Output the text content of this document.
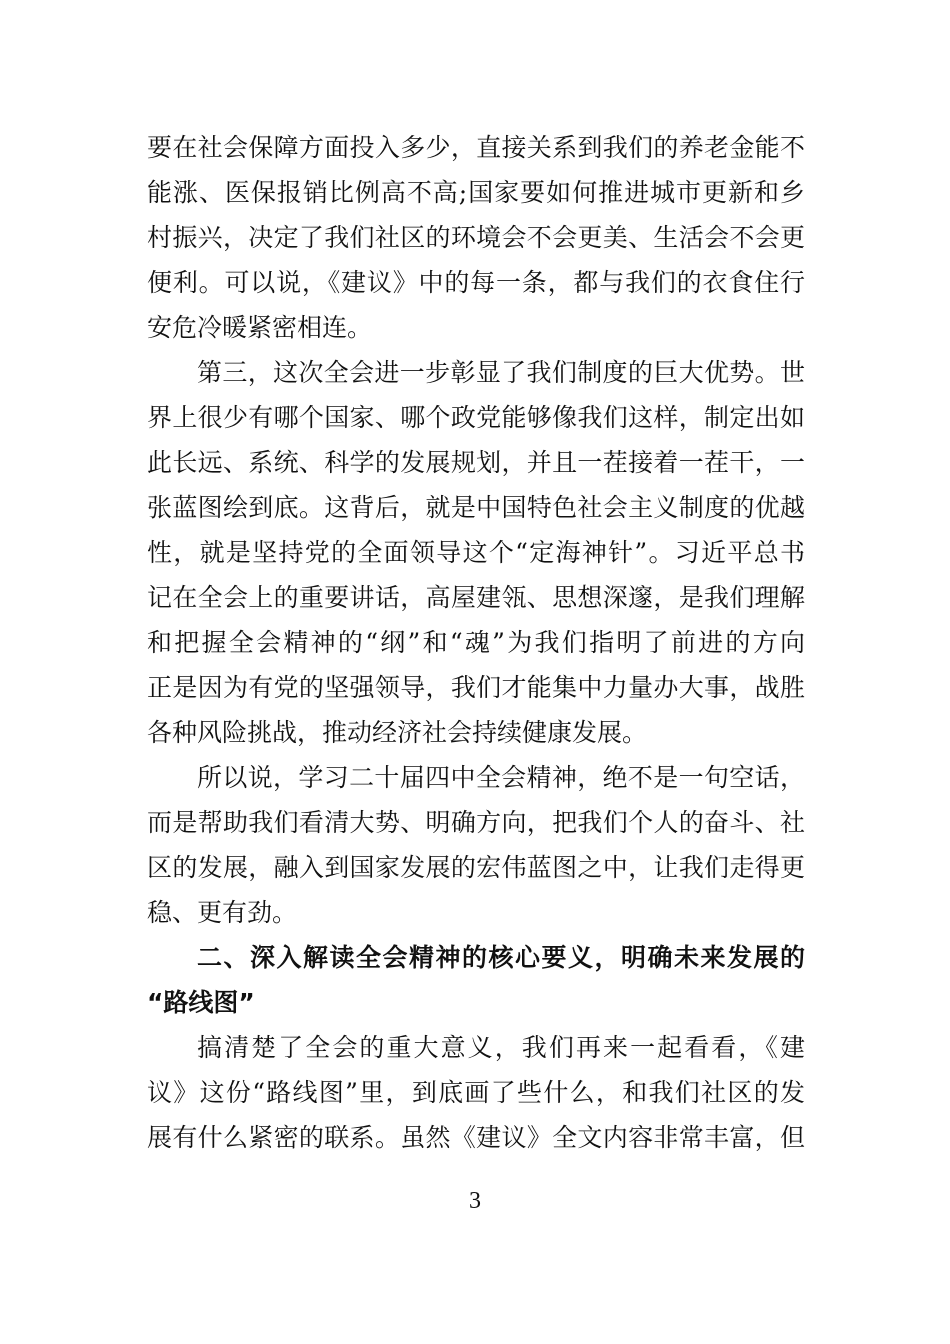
要在社会保障方面投入多少，直接关系到我们的养老金能不
能涨、医保报销比例高不高;国家要如何推进城市更新和乡
村振兴，决定了我们社区的环境会不会更美、生活会不会更
便利。可以说，《建议》中的每一条，都与我们的衣食住行
安危冷暖紧密相连。
第三，这次全会进一步彰显了我们制度的巨大优势。世
界上很少有哪个国家、哪个政党能够像我们这样，制定出如
此长远、系统、科学的发展规划，并且一茬接着一茬干，一
张蓝图绘到底。这背后，就是中国特色社会主义制度的优越
性，就是坚持党的全面领导这个“定海神针”。习近平总书
记在全会上的重要讲话，高屋建瓴、思想深邃，是我们理解
和把握全会精神的“纲”和“魂”为我们指明了前进的方向
正是因为有党的坚强领导，我们才能集中力量办大事，战胜
各种风险挑战，推动经济社会持续健康发展。
所以说，学习二十届四中全会精神，绝不是一句空话，
而是帮助我们看清大势、明确方向，把我们个人的奋斗、社
区的发展，融入到国家发展的宏伟蓝图之中，让我们走得更
稳、更有劲。
二、深入解读全会精神的核心要义，明确未来发展的
“路线图”
搞清楚了全会的重大意义，我们再来一起看看，《建
议》这份“路线图”里，到底画了些什么，和我们社区的发
展有什么紧密的联系。虽然《建议》全文内容非常丰富，但
3
